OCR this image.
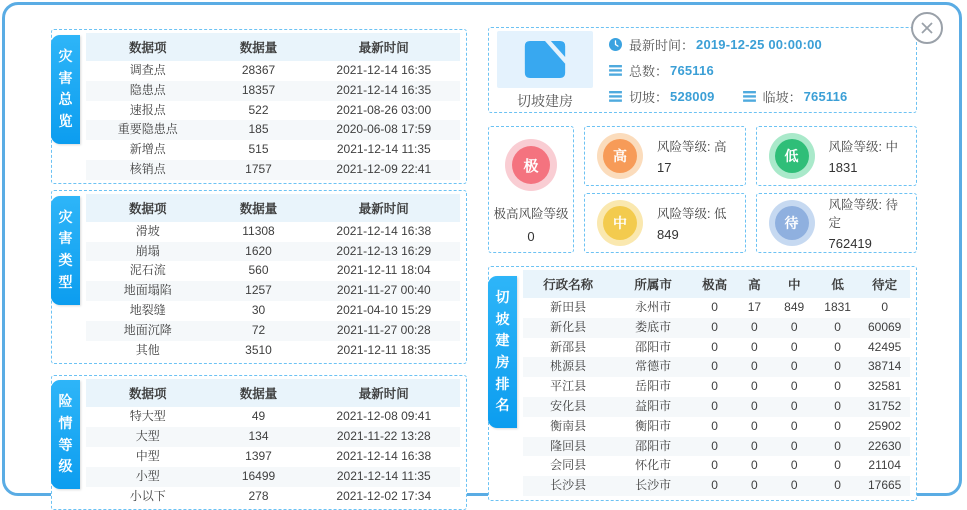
数据项	数据量	最新时间
调查点	28367	2021-12-14 16:35
隐患点	18357	2021-12-14 16:35
速报点	522	2021-08-26 03:00
重要隐患点	185	2020-06-08 17:59
新增点	515	2021-12-14 11:35
核销点	1757	2021-12-09 22:41
灾
害
总
览
数据项	数据量	最新时间
滑坡	11308	2021-12-14 16:38
崩塌	1620	2021-12-13 16:29
泥石流	560	2021-12-11 18:04
地面塌陷	1257	2021-11-27 00:40
地裂缝	30	2021-04-10 15:29
地面沉降	72	2021-11-27 00:28
其他	3510	2021-12-11 18:35
灾
害
类
型
数据项	数据量	最新时间
特大型	49	2021-12-08 09:41
大型	134	2021-11-22 13:28
中型	1397	2021-12-14 16:38
小型	16499	2021-12-14 11:35
小以下	278	2021-12-02 17:34
险
情
等
级
切坡建房
最新时间： 2019-12-25 00:00:00
总数： 765116
切坡： 528009	临坡： 765116
极
极高风险等级
0
高
风险等级: 高
17
低
风险等级: 中
1831
中
风险等级: 低
849
待
风险等级: 待定
762419
行政名称	所属市	极高	高	中	低	待定
新田县	永州市	0	17	849	1831	0
新化县	娄底市	0	0	0	0	60069
新邵县	邵阳市	0	0	0	0	42495
桃源县	常德市	0	0	0	0	38714
平江县	岳阳市	0	0	0	0	32581
安化县	益阳市	0	0	0	0	31752
衡南县	衡阳市	0	0	0	0	25902
隆回县	邵阳市	0	0	0	0	22630
会同县	怀化市	0	0	0	0	21104
长沙县	长沙市	0	0	0	0	17665
切
坡
建
房
排
名
